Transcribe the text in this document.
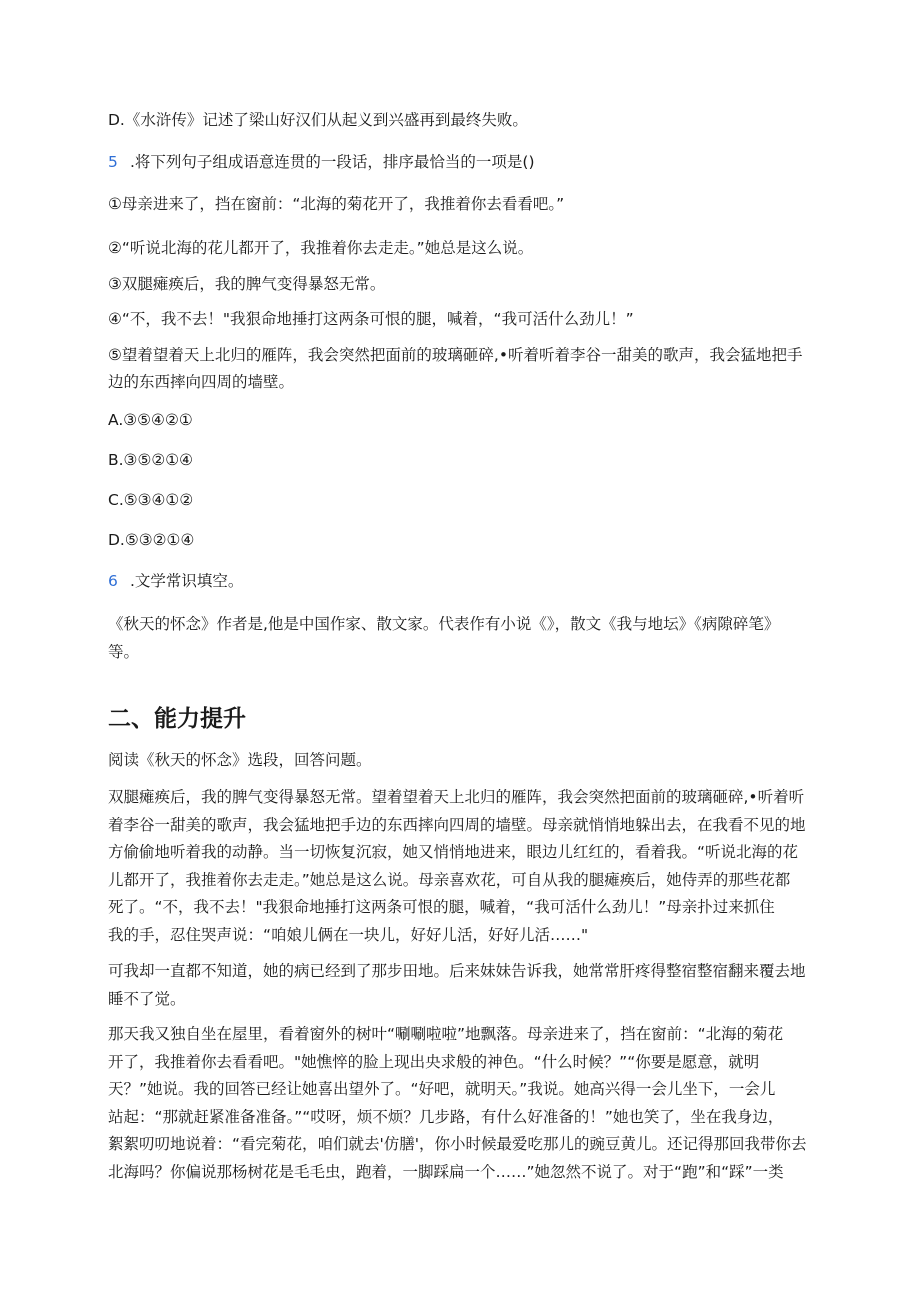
D.《水浒传》记述了梁山好汉们从起义到兴盛再到最终失败。
5 .将下列句子组成语意连贯的一段话，排序最恰当的一项是()
①母亲进来了，挡在窗前：“北海的菊花开了，我推着你去看看吧。”
②“听说北海的花儿都开了，我推着你去走走。”她总是这么说。
③双腿瘫痪后，我的脾气变得暴怒无常。
④“不，我不去！"我狠命地捶打这两条可恨的腿，喊着，“我可活什么劲儿！”
⑤望着望着天上北归的雁阵，我会突然把面前的玻璃砸碎,•听着听着李谷一甜美的歌声，我会猛地把手
边的东西摔向四周的墙壁。
A.③⑤④②①
B.③⑤②①④
C.⑤③④①②
D.⑤③②①④
6 .文学常识填空。
《秋天的怀念》作者是,他是中国作家、散文家。代表作有小说《》，散文《我与地坛》《病隙碎笔》
等。
二、能力提升
阅读《秋天的怀念》选段，回答问题。
双腿瘫痪后，我的脾气变得暴怒无常。望着望着天上北归的雁阵，我会突然把面前的玻璃砸碎,•听着听
着李谷一甜美的歌声，我会猛地把手边的东西摔向四周的墙壁。母亲就悄悄地躲出去，在我看不见的地
方偷偷地听着我的动静。当一切恢复沉寂，她又悄悄地进来，眼边儿红红的，看着我。“听说北海的花
儿都开了，我推着你去走走。”她总是这么说。母亲喜欢花，可自从我的腿瘫痪后，她侍弄的那些花都
死了。“不，我不去！"我狠命地捶打这两条可恨的腿，喊着，“我可活什么劲儿！”母亲扑过来抓住
我的手，忍住哭声说：“咱娘儿俩在一块儿，好好儿活，好好儿活……"
可我却一直都不知道，她的病已经到了那步田地。后来妹妹告诉我，她常常肝疼得整宿整宿翻来覆去地
睡不了觉。
那天我又独自坐在屋里，看着窗外的树叶“唰唰啦啦”地飘落。母亲进来了，挡在窗前：“北海的菊花
开了，我推着你去看看吧。"她憔悴的脸上现出央求般的神色。“什么时候？”“你要是愿意，就明
天？”她说。我的回答已经让她喜出望外了。“好吧，就明天。”我说。她高兴得一会儿坐下，一会儿
站起：“那就赶紧准备准备。”“哎呀，烦不烦？几步路，有什么好准备的！”她也笑了，坐在我身边，
絮絮叨叨地说着：“看完菊花，咱们就去'仿膳'，你小时候最爱吃那儿的豌豆黄儿。还记得那回我带你去
北海吗？你偏说那杨树花是毛毛虫，跑着，一脚踩扁一个……”她忽然不说了。对于“跑”和“踩”一类
